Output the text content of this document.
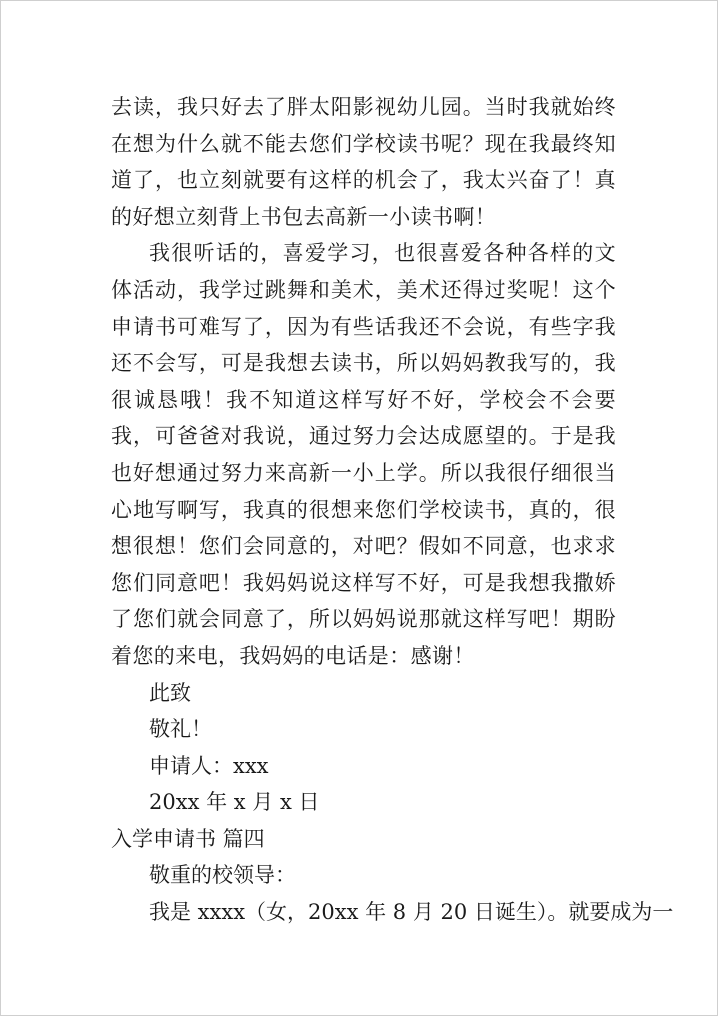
去读，我只好去了胖太阳影视幼儿园。当时我就始终在想为什么就不能去您们学校读书呢？现在我最终知道了，也立刻就要有这样的机会了，我太兴奋了！真的好想立刻背上书包去高新一小读书啊！

我很听话的，喜爱学习，也很喜爱各种各样的文体活动，我学过跳舞和美术，美术还得过奖呢！这个申请书可难写了，因为有些话我还不会说，有些字我还不会写，可是我想去读书，所以妈妈教我写的，我很诚恳哦！我不知道这样写好不好，学校会不会要我，可爸爸对我说，通过努力会达成愿望的。于是我也好想通过努力来高新一小上学。所以我很仔细很当心地写啊写，我真的很想来您们学校读书，真的，很想很想！您们会同意的，对吧？假如不同意，也求求您们同意吧！我妈妈说这样写不好，可是我想我撒娇了您们就会同意了，所以妈妈说那就这样写吧！期盼着您的来电，我妈妈的电话是：感谢！

此致

敬礼！

申请人：xxx

20xx 年 x 月 x 日

入学申请书 篇四

敬重的校领导：

我是 xxxx（女，20xx 年 8 月 20 日诞生）。就要成为一
